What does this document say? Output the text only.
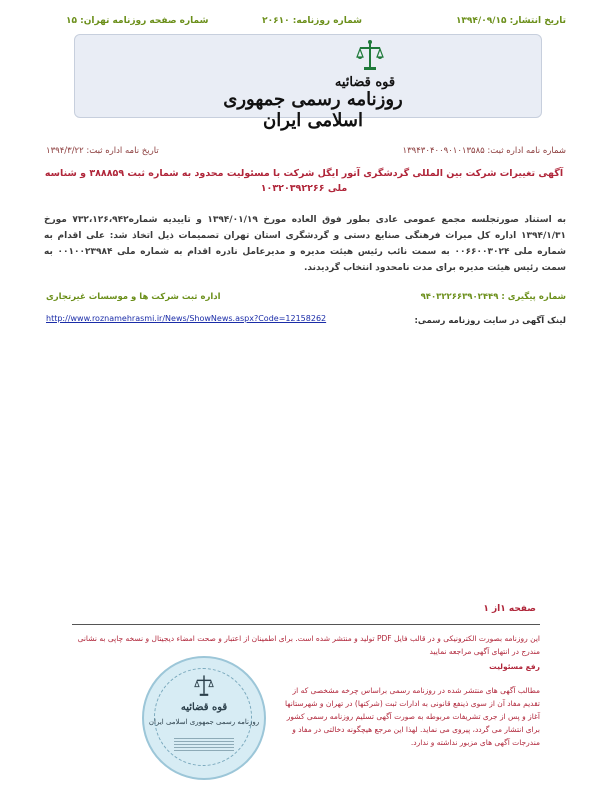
تاریخ انتشار: ۱۳۹۴/۰۹/۱۵
شماره روزنامه: ۲۰۶۱۰
شماره صفحه روزنامه تهران: ۱۵
قوه قضائیه
روزنامه رسمی جمهوری اسلامی ایران
شماره نامه اداره ثبت: ۱۳۹۴۳۰۴۰۰۹۰۱۰۱۳۵۸۵
تاریخ نامه اداره ثبت: ۱۳۹۴/۳/۲۲
آگهی تغییرات شرکت بین المللی گردشگری آتور ایگل شرکت با مسئولیت محدود به شماره ثبت ۳۸۸۸۵۹ و شناسه ملی ۱۰۳۲۰۳۹۲۲۶۶
به استناد صورتجلسه مجمع عمومی عادی بطور فوق العاده مورخ ۱۳۹۴/۰۱/۱۹ و تاییدیه شماره۷۳۲،۱۲۶،۹۴۲ مورخ ۱۳۹۴/۱/۳۱ اداره کل میراث فرهنگی صنایع دستی و گردشگری استان تهران تصمیمات ذیل اتخاذ شد: علی اقدام به شماره ملی ۰۰۶۶۰۰۳۰۲۴ به سمت نائب رئیس هیئت مدیره و مدیرعامل نادره اقدام به شماره ملی ۰۰۱۰۰۲۳۹۸۴ به سمت رئیس هیئت مدیره برای مدت نامحدود انتخاب گردیدند.
شماره پیگیری : ۹۴۰۳۲۲۶۶۳۹۰۲۴۴۹
اداره ثبت شرکت ها و موسسات غیرتجاری
لینک آگهی در سایت روزنامه رسمی:
http://www.roznamehrasmi.ir/News/ShowNews.aspx?Code=12158262
صفحه ۱از ۱
این روزنامه بصورت الکترونیکی و در قالب فایل PDF تولید و منتشر شده است. برای اطمینان از اعتبار و صحت امضاء دیجیتال و نسخه چاپی به نشانی مندرج در انتهای آگهی مراجعه نمایید
رفع مسئولیت
مطالب آگهی های منتشر شده در روزنامه رسمی براساس چرخه مشخصی که از تقدیم مفاد آن از سوی ذینفع قانونی به ادارات ثبت (شرکتها) در تهران و شهرستانها آغاز و پس از جری تشریفات مربوطه به صورت آگهی تسلیم روزنامه رسمی کشور برای انتشار می گردد، پیروی می نماید. لهذا این مرجع هیچگونه دخالتی در مفاد و مندرجات آگهی های مزبور نداشته و ندارد.
قوه قضائیه
روزنامه رسمی جمهوری اسلامی ایران
